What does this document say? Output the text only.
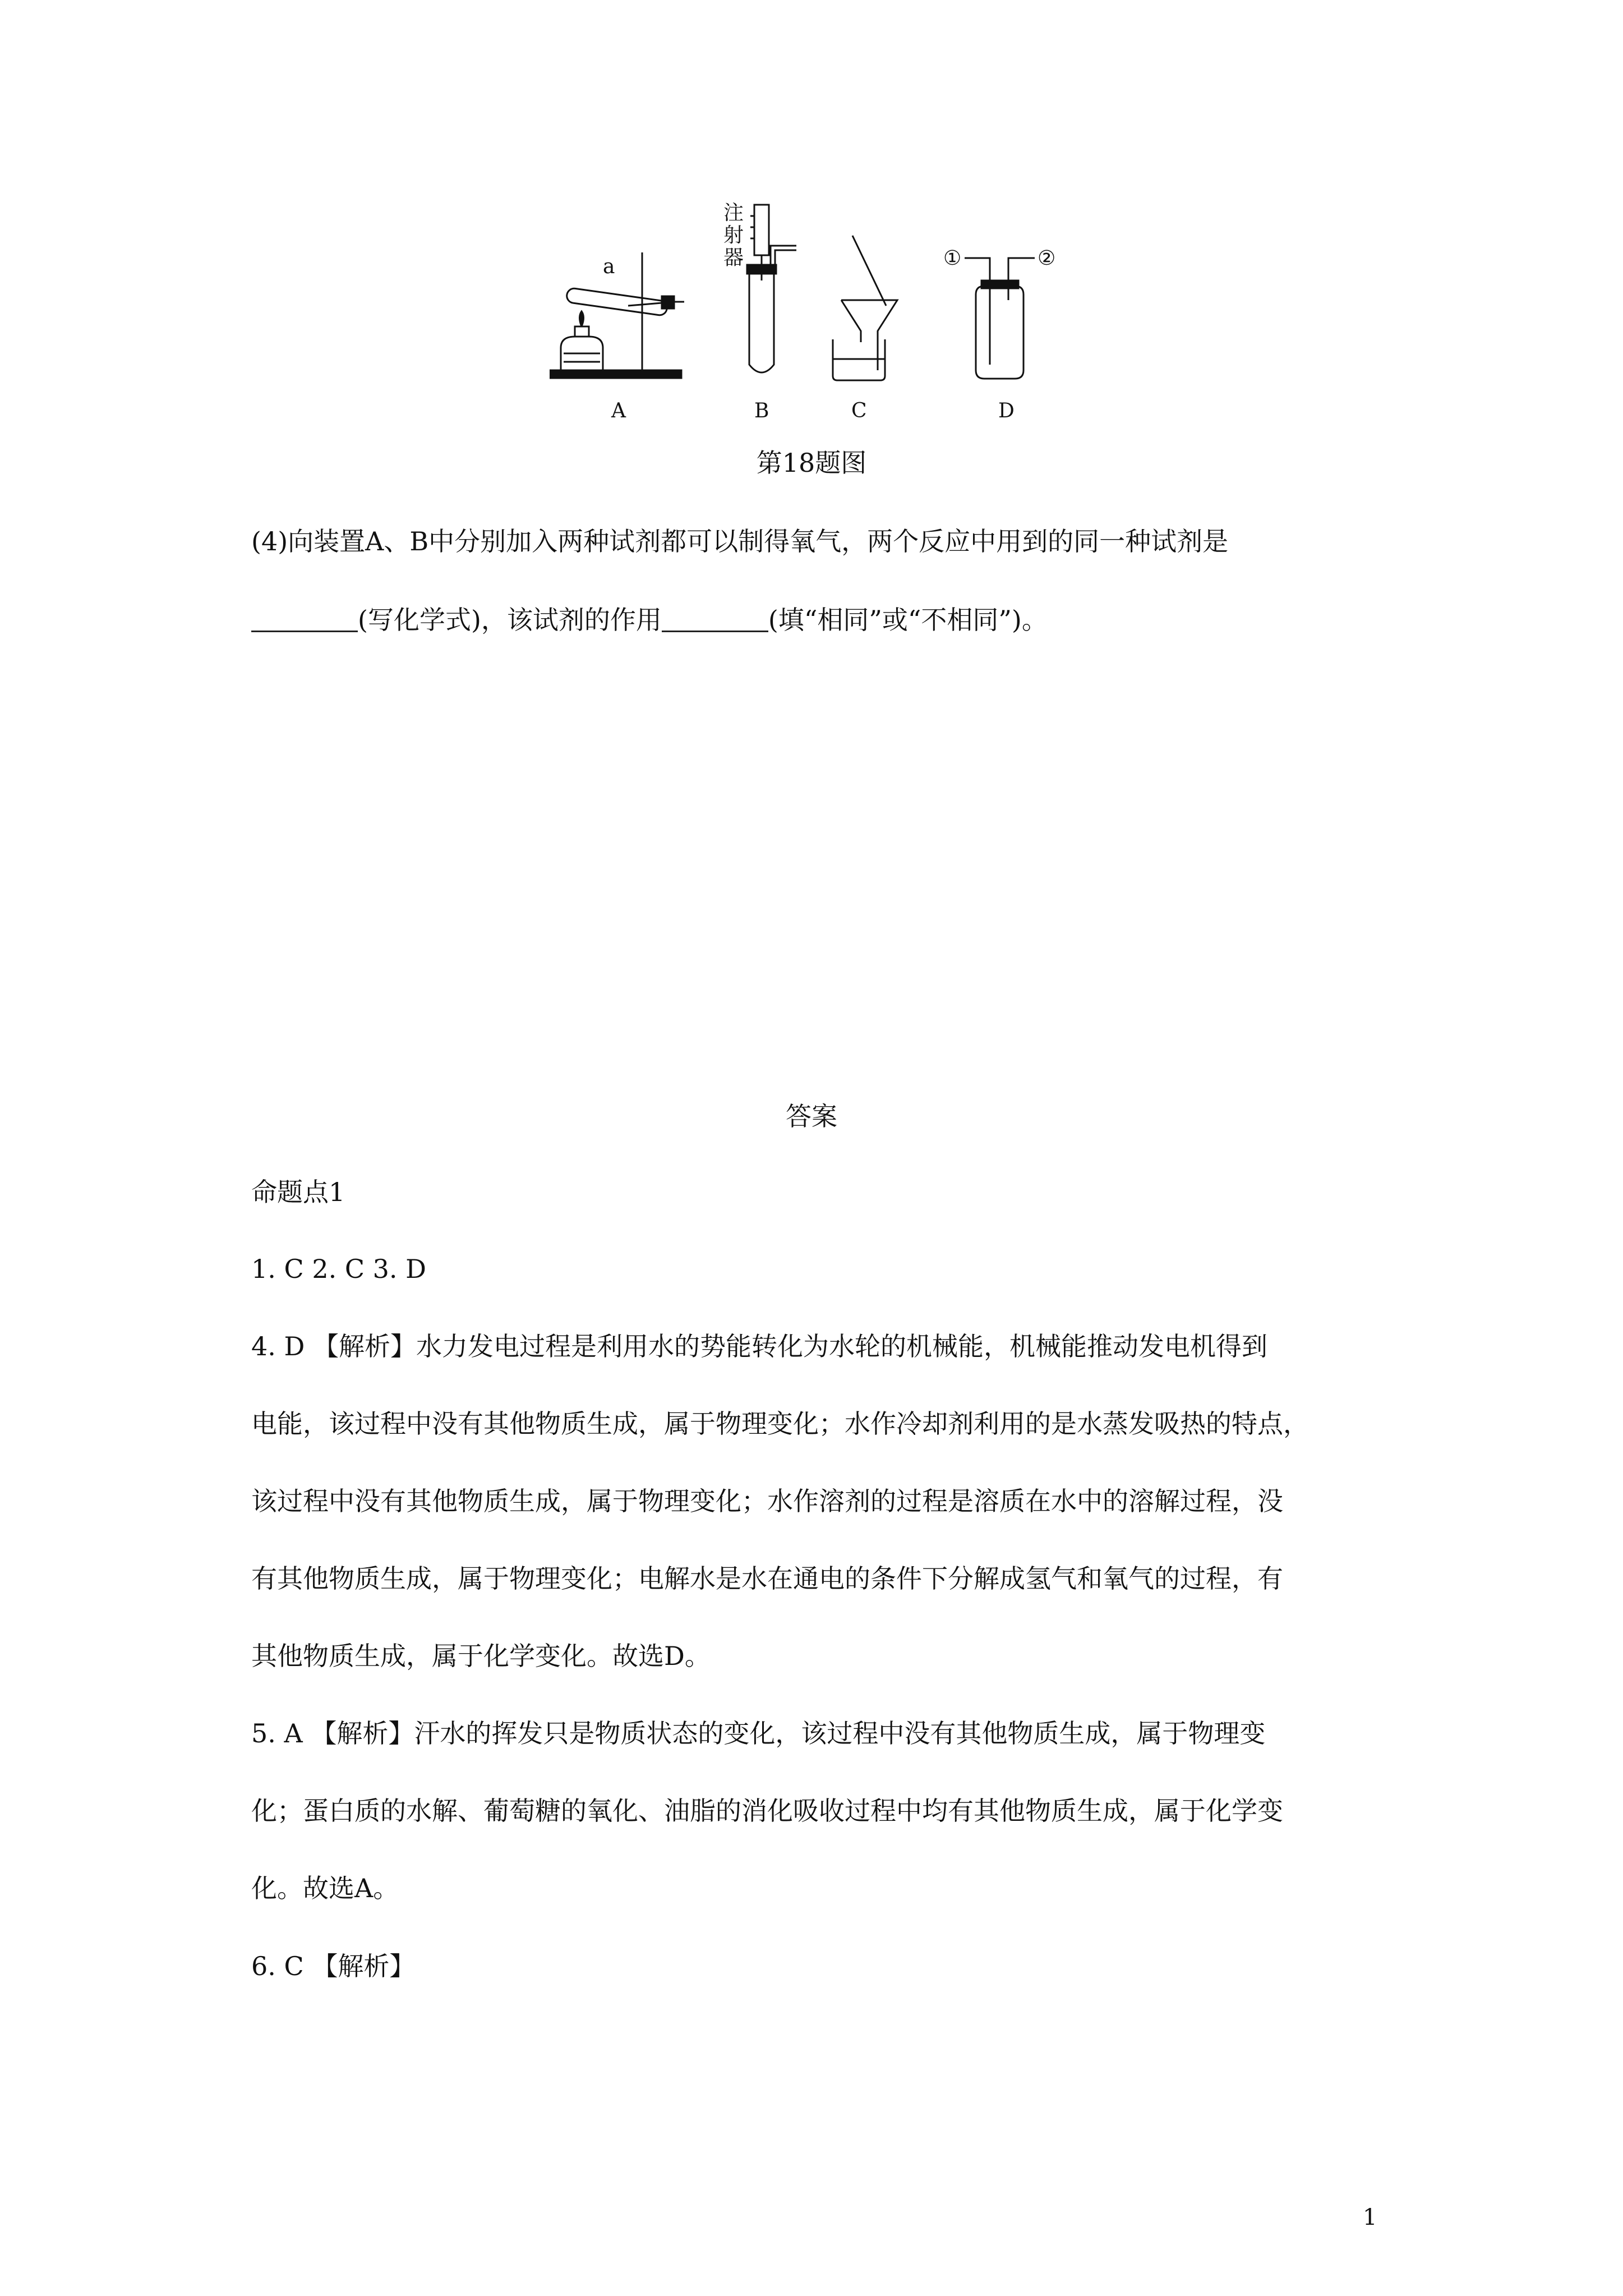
注射器
a	①	②
A	B	C	D
第18题图
(4)向装置A、B中分别加入两种试剂都可以制得氧气，两个反应中用到的同一种试剂是
(写化学式)，该试剂的作用	(填“相同”或“不相同”)。
答案
命题点1
1. C 2. C 3. D
4. D 【解析】水力发电过程是利用水的势能转化为水轮的机械能，机械能推动发电机得到
电能，该过程中没有其他物质生成，属于物理变化；水作冷却剂利用的是水蒸发吸热的特点，
该过程中没有其他物质生成，属于物理变化；水作溶剂的过程是溶质在水中的溶解过程，没
有其他物质生成，属于物理变化；电解水是水在通电的条件下分解成氢气和氧气的过程，有
其他物质生成，属于化学变化。故选D。
5. A 【解析】汗水的挥发只是物质状态的变化，该过程中没有其他物质生成，属于物理变
化；蛋白质的水解、葡萄糖的氧化、油脂的消化吸收过程中均有其他物质生成，属于化学变
化。故选A。
6. C 【解析】
1
